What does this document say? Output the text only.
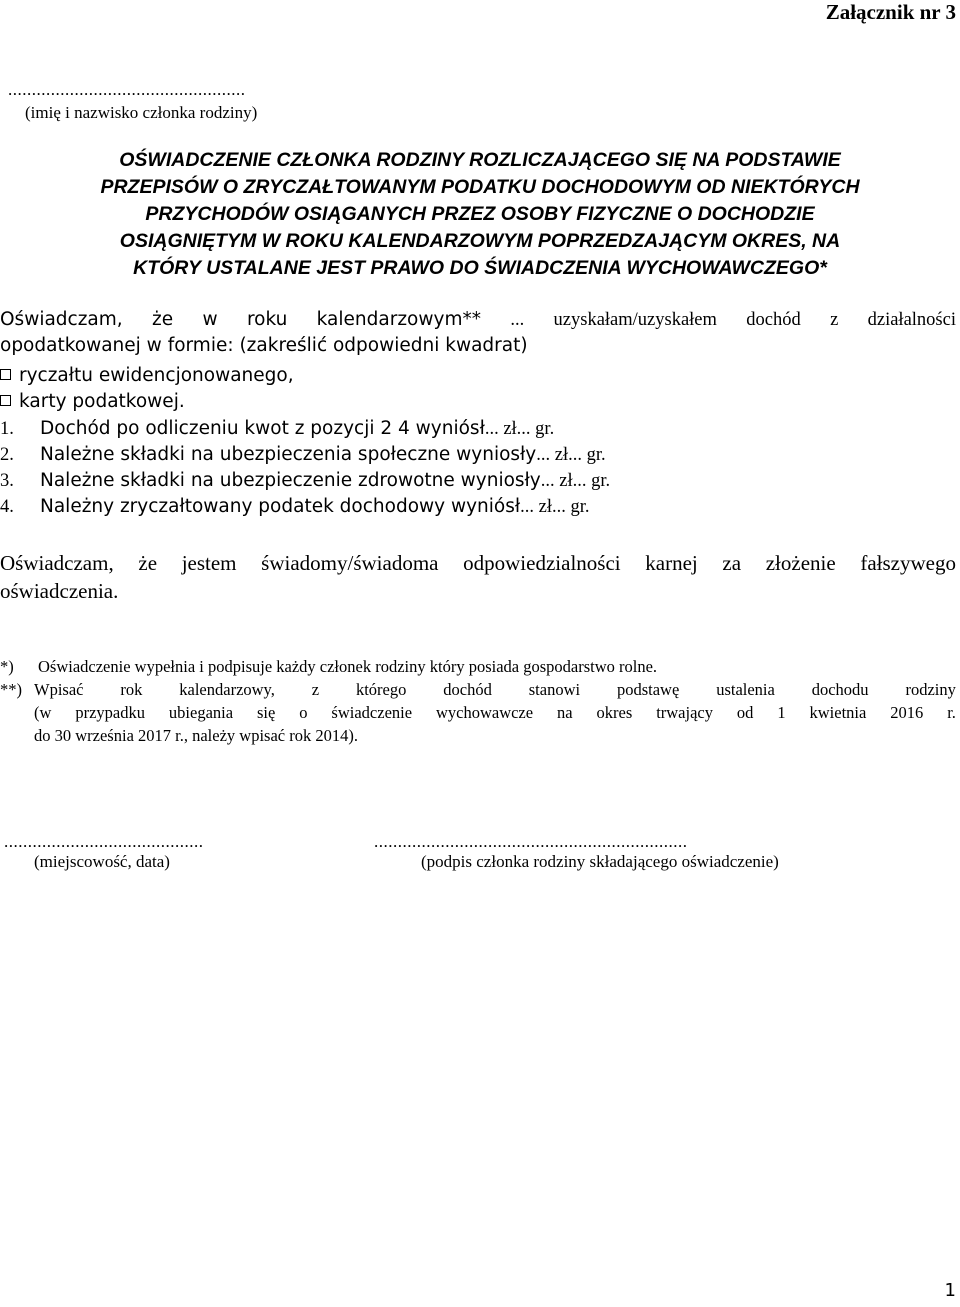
Załącznik nr 3
..................................................
(imię i nazwisko członka rodziny)
OŚWIADCZENIE CZŁONKA RODZINY ROZLICZAJĄCEGO SIĘ NA PODSTAWIE
PRZEPISÓW O ZRYCZAŁTOWANYM PODATKU DOCHODOWYM OD NIEKTÓRYCH
PRZYCHODÓW OSIĄGANYCH PRZEZ OSOBY FIZYCZNE O DOCHODZIE
OSIĄGNIĘTYM W ROKU KALENDARZOWYM POPRZEDZAJĄCYM OKRES, NA
KTÓRY USTALANE JEST PRAWO DO ŚWIADCZENIA WYCHOWAWCZEGO*
Oświadczam, że w roku kalendarzowym** ... uzyskałam/uzyskałem dochód z działalności
opodatkowanej w formie: (zakreślić odpowiedni kwadrat)
ryczałtu ewidencjonowanego,
karty podatkowej.
1. Dochód po odliczeniu kwot z pozycji 2 4 wyniósł... zł... gr.
2. Należne składki na ubezpieczenia społeczne wyniosły... zł... gr.
3. Należne składki na ubezpieczenie zdrowotne wyniosły... zł... gr.
4. Należny zryczałtowany podatek dochodowy wyniósł... zł... gr.
Oświadczam, że jestem świadomy/świadoma odpowiedzialności karnej za złożenie fałszywego
oświadczenia.
*) Oświadczenie wypełnia i podpisuje każdy członek rodziny który posiada gospodarstwo rolne.
**) Wpisać rok kalendarzowy, z którego dochód stanowi podstawę ustalenia dochodu rodziny
(w przypadku ubiegania się o świadczenie wychowawcze na okres trwający od 1 kwietnia 2016 r.
do 30 września 2017 r., należy wpisać rok 2014).
..........................................
(miejscowość, data)
..................................................................
(podpis członka rodziny składającego oświadczenie)
1
